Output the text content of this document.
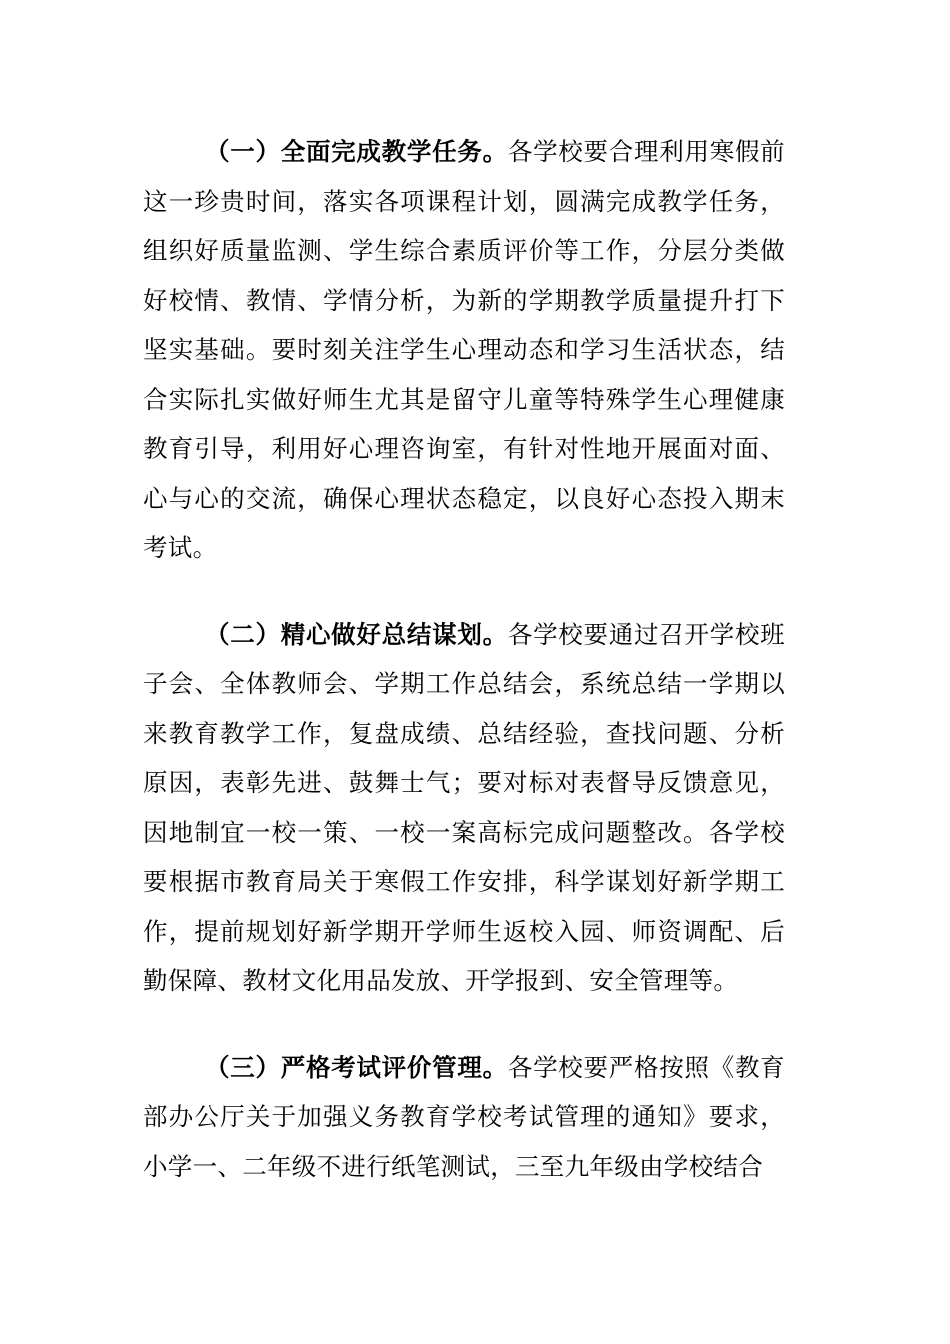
（一）全面完成教学任务。各学校要合理利用寒假前这一珍贵时间，落实各项课程计划，圆满完成教学任务，组织好质量监测、学生综合素质评价等工作，分层分类做好校情、教情、学情分析，为新的学期教学质量提升打下坚实基础。要时刻关注学生心理动态和学习生活状态，结合实际扎实做好师生尤其是留守儿童等特殊学生心理健康教育引导，利用好心理咨询室，有针对性地开展面对面、心与心的交流，确保心理状态稳定，以良好心态投入期末考试。

（二）精心做好总结谋划。各学校要通过召开学校班子会、全体教师会、学期工作总结会，系统总结一学期以来教育教学工作，复盘成绩、总结经验，查找问题、分析原因，表彰先进、鼓舞士气；要对标对表督导反馈意见，因地制宜一校一策、一校一案高标完成问题整改。各学校要根据市教育局关于寒假工作安排，科学谋划好新学期工作，提前规划好新学期开学师生返校入园、师资调配、后勤保障、教材文化用品发放、开学报到、安全管理等。

（三）严格考试评价管理。各学校要严格按照《教育部办公厅关于加强义务教育学校考试管理的通知》要求，小学一、二年级不进行纸笔测试，三至九年级由学校结合
